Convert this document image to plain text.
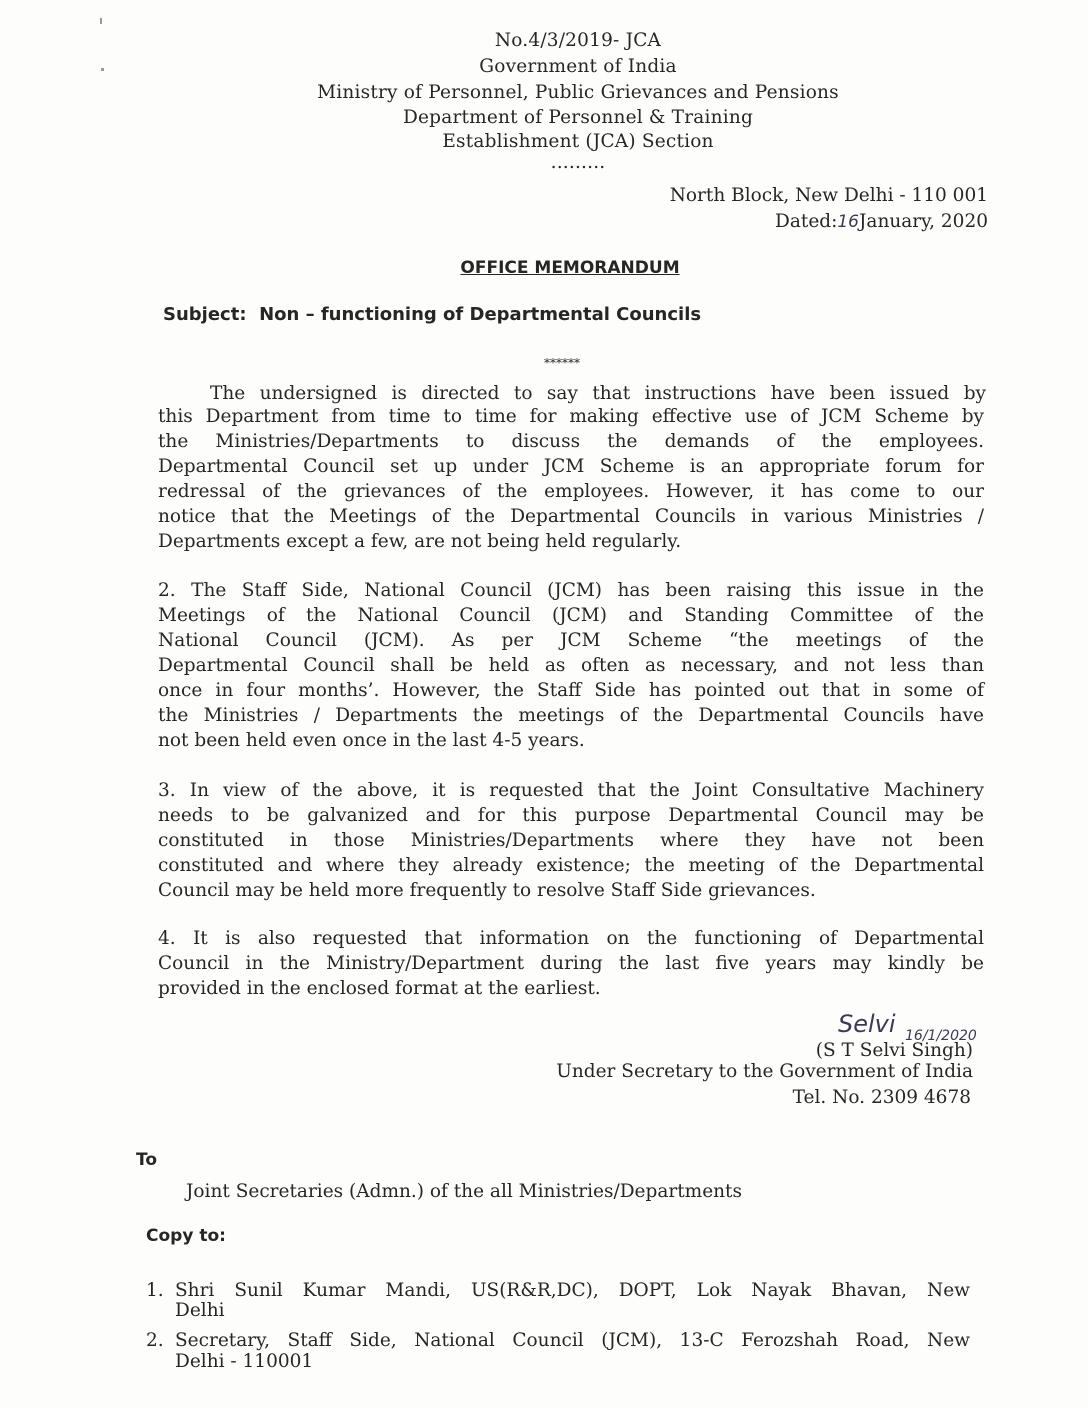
No.4/3/2019- JCA
Government of India
Ministry of Personnel, Public Grievances and Pensions
Department of Personnel & Training
Establishment (JCA) Section
.........
North Block, New Delhi - 110 001
Dated:16January, 2020
OFFICE MEMORANDUM
Subject: Non – functioning of Departmental Councils
******
The undersigned is directed to say that instructions have been issued by
this Department from time to time for making effective use of JCM Scheme by
the Ministries/Departments to discuss the demands of the employees.
Departmental Council set up under JCM Scheme is an appropriate forum for
redressal of the grievances of the employees. However, it has come to our
notice that the Meetings of the Departmental Councils in various Ministries /
Departments except a few, are not being held regularly.
2. The Staff Side, National Council (JCM) has been raising this issue in the
Meetings of the National Council (JCM) and Standing Committee of the
National Council (JCM). As per JCM Scheme “the meetings of the
Departmental Council shall be held as often as necessary, and not less than
once in four months’. However, the Staff Side has pointed out that in some of
the Ministries / Departments the meetings of the Departmental Councils have
not been held even once in the last 4-5 years.
3. In view of the above, it is requested that the Joint Consultative Machinery
needs to be galvanized and for this purpose Departmental Council may be
constituted in those Ministries/Departments where they have not been
constituted and where they already existence; the meeting of the Departmental
Council may be held more frequently to resolve Staff Side grievances.
4. It is also requested that information on the functioning of Departmental
Council in the Ministry/Department during the last five years may kindly be
provided in the enclosed format at the earliest.
Selvi 16/1/2020
(S T Selvi Singh)
Under Secretary to the Government of India
Tel. No. 2309 4678
To
Joint Secretaries (Admn.) of the all Ministries/Departments
Copy to:
1. Shri Sunil Kumar Mandi, US(R&R,DC), DOPT, Lok Nayak Bhavan, New
Delhi
2. Secretary, Staff Side, National Council (JCM), 13-C Ferozshah Road, New
Delhi - 110001
